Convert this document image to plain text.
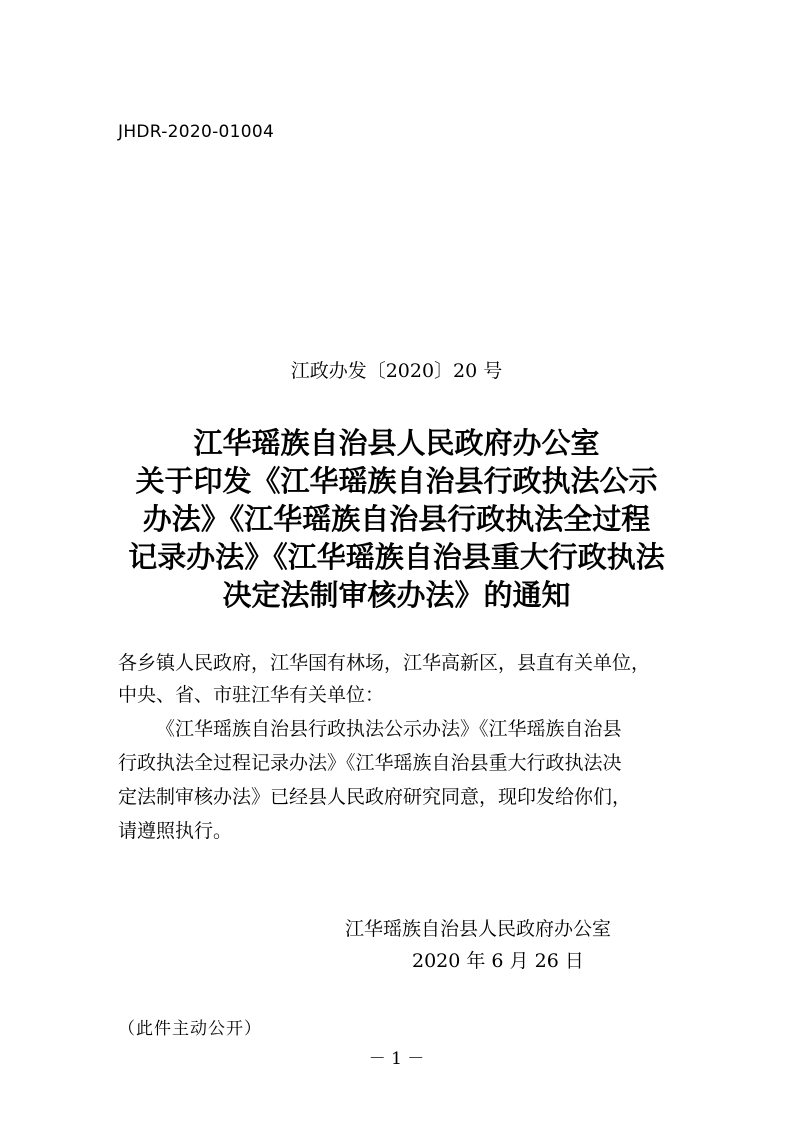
JHDR-2020-01004
江政办发〔2020〕20 号
江华瑶族自治县人民政府办公室
关于印发《江华瑶族自治县行政执法公示
办法》《江华瑶族自治县行政执法全过程
记录办法》《江华瑶族自治县重大行政执法
决定法制审核办法》的通知
各乡镇人民政府，江华国有林场，江华高新区，县直有关单位，
中央、省、市驻江华有关单位：
《江华瑶族自治县行政执法公示办法》《江华瑶族自治县
行政执法全过程记录办法》《江华瑶族自治县重大行政执法决
定法制审核办法》已经县人民政府研究同意，现印发给你们，
请遵照执行。
江华瑶族自治县人民政府办公室
2020 年 6 月 26 日
（此件主动公开）
－ 1 －
